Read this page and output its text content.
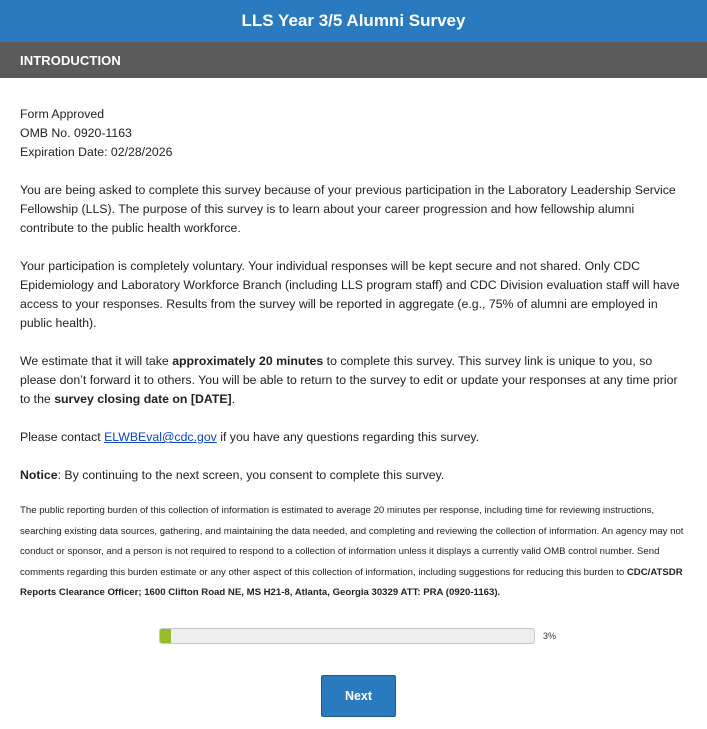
LLS Year 3/5 Alumni Survey
INTRODUCTION

Form Approved
OMB No. 0920-1163
Expiration Date: 02/28/2026

You are being asked to complete this survey because of your previous participation in the Laboratory Leadership Service Fellowship (LLS). The purpose of this survey is to learn about your career progression and how fellowship alumni contribute to the public health workforce.

Your participation is completely voluntary. Your individual responses will be kept secure and not shared. Only CDC Epidemiology and Laboratory Workforce Branch (including LLS program staff) and CDC Division evaluation staff will have access to your responses. Results from the survey will be reported in aggregate (e.g., 75% of alumni are employed in public health).

We estimate that it will take approximately 20 minutes to complete this survey. This survey link is unique to you, so please don’t forward it to others. You will be able to return to the survey to edit or update your responses at any time prior to the survey closing date on [DATE].

Please contact ELWBEval@cdc.gov if you have any questions regarding this survey.

Notice: By continuing to the next screen, you consent to complete this survey.

The public reporting burden of this collection of information is estimated to average 20 minutes per response, including time for reviewing instructions, searching existing data sources, gathering, and maintaining the data needed, and completing and reviewing the collection of information. An agency may not conduct or sponsor, and a person is not required to respond to a collection of information unless it displays a currently valid OMB control number. Send comments regarding this burden estimate or any other aspect of this collection of information, including suggestions for reducing this burden to CDC/ATSDR Reports Clearance Officer; 1600 Clifton Road NE, MS H21-8, Atlanta, Georgia 30329 ATT: PRA (0920-1163).

3%
Next
